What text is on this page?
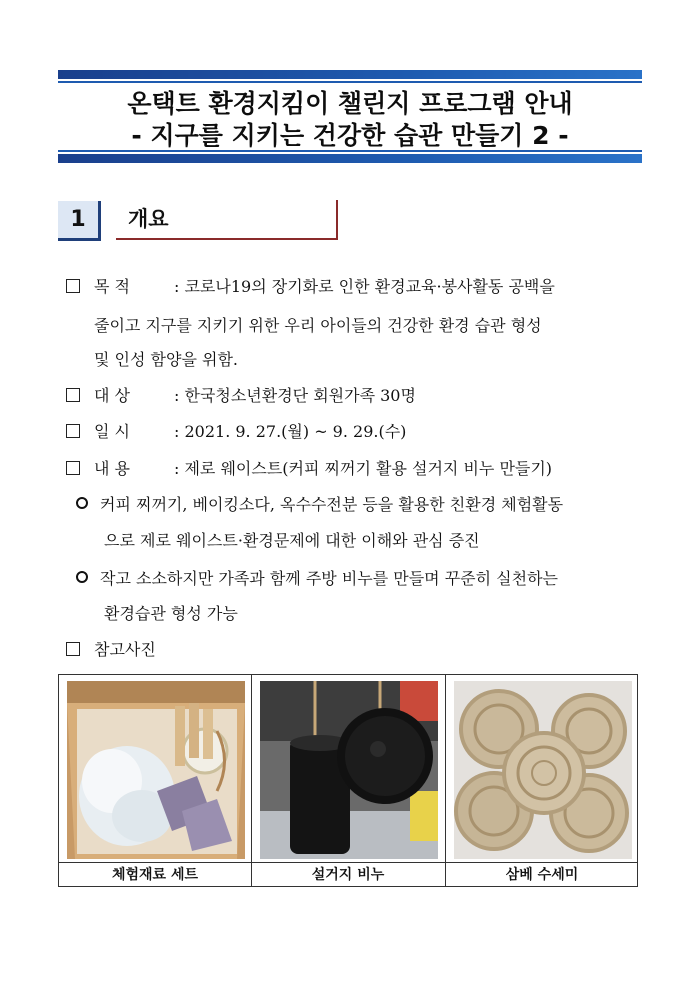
온택트 환경지킴이 챌린지 프로그램 안내
- 지구를 지키는 건강한 습관 만들기 2 -
1	개요
목 적	: 코로나19의 장기화로 인한 환경교육·봉사활동 공백을
줄이고 지구를 지키기 위한 우리 아이들의 건강한 환경 습관 형성
및 인성 함양을 위함.
대 상	: 한국청소년환경단 회원가족 30명
일 시	: 2021. 9. 27.(월) ~ 9. 29.(수)
내 용	: 제로 웨이스트(커피 찌꺼기 활용 설거지 비누 만들기)
커피 찌꺼기, 베이킹소다, 옥수수전분 등을 활용한 친환경 체험활동
으로 제로 웨이스트·환경문제에 대한 이해와 관심 증진
작고 소소하지만 가족과 함께 주방 비누를 만들며 꾸준히 실천하는
환경습관 형성 가능
참고사진
체험재료 세트	설거지 비누	삼베 수세미
